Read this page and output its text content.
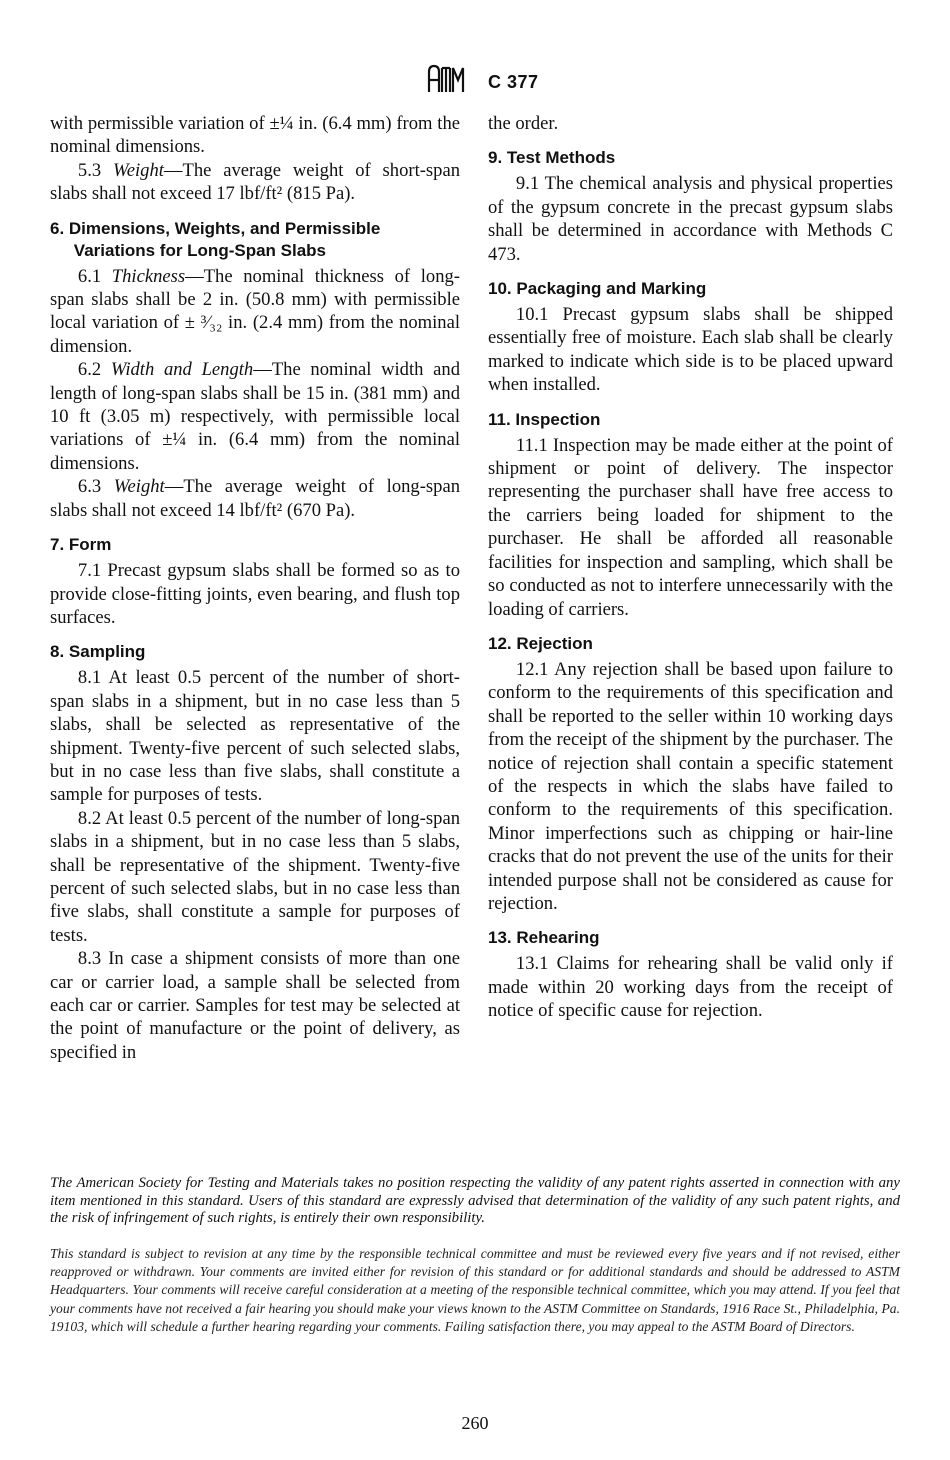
C 377

with permissible variation of ±¼ in. (6.4 mm) from the nominal dimensions.

5.3 Weight—The average weight of short-span slabs shall not exceed 17 lbf/ft² (815 Pa).

6. Dimensions, Weights, and Permissible Variations for Long-Span Slabs

6.1 Thickness—The nominal thickness of long-span slabs shall be 2 in. (50.8 mm) with permissible local variation of ± ³⁄₃₂ in. (2.4 mm) from the nominal dimension.

6.2 Width and Length—The nominal width and length of long-span slabs shall be 15 in. (381 mm) and 10 ft (3.05 m) respectively, with permissible local variations of ±¼ in. (6.4 mm) from the nominal dimensions.

6.3 Weight—The average weight of long-span slabs shall not exceed 14 lbf/ft² (670 Pa).

7. Form

7.1 Precast gypsum slabs shall be formed so as to provide close-fitting joints, even bearing, and flush top surfaces.

8. Sampling

8.1 At least 0.5 percent of the number of short-span slabs in a shipment, but in no case less than 5 slabs, shall be selected as representative of the shipment. Twenty-five percent of such selected slabs, but in no case less than five slabs, shall constitute a sample for purposes of tests.

8.2 At least 0.5 percent of the number of long-span slabs in a shipment, but in no case less than 5 slabs, shall be representative of the shipment. Twenty-five percent of such selected slabs, but in no case less than five slabs, shall constitute a sample for purposes of tests.

8.3 In case a shipment consists of more than one car or carrier load, a sample shall be selected from each car or carrier. Samples for test may be selected at the point of manufacture or the point of delivery, as specified in

the order.

9. Test Methods

9.1 The chemical analysis and physical properties of the gypsum concrete in the precast gypsum slabs shall be determined in accordance with Methods C 473.

10. Packaging and Marking

10.1 Precast gypsum slabs shall be shipped essentially free of moisture. Each slab shall be clearly marked to indicate which side is to be placed upward when installed.

11. Inspection

11.1 Inspection may be made either at the point of shipment or point of delivery. The inspector representing the purchaser shall have free access to the carriers being loaded for shipment to the purchaser. He shall be afforded all reasonable facilities for inspection and sampling, which shall be so conducted as not to interfere unnecessarily with the loading of carriers.

12. Rejection

12.1 Any rejection shall be based upon failure to conform to the requirements of this specification and shall be reported to the seller within 10 working days from the receipt of the shipment by the purchaser. The notice of rejection shall contain a specific statement of the respects in which the slabs have failed to conform to the requirements of this specification. Minor imperfections such as chipping or hair-line cracks that do not prevent the use of the units for their intended purpose shall not be considered as cause for rejection.

13. Rehearing

13.1 Claims for rehearing shall be valid only if made within 20 working days from the receipt of notice of specific cause for rejection.

The American Society for Testing and Materials takes no position respecting the validity of any patent rights asserted in connection with any item mentioned in this standard. Users of this standard are expressly advised that determination of the validity of any such patent rights, and the risk of infringement of such rights, is entirely their own responsibility.
This standard is subject to revision at any time by the responsible technical committee and must be reviewed every five years and if not revised, either reapproved or withdrawn. Your comments are invited either for revision of this standard or for additional standards and should be addressed to ASTM Headquarters. Your comments will receive careful consideration at a meeting of the responsible technical committee, which you may attend. If you feel that your comments have not received a fair hearing you should make your views known to the ASTM Committee on Standards, 1916 Race St., Philadelphia, Pa. 19103, which will schedule a further hearing regarding your comments. Failing satisfaction there, you may appeal to the ASTM Board of Directors.
260
